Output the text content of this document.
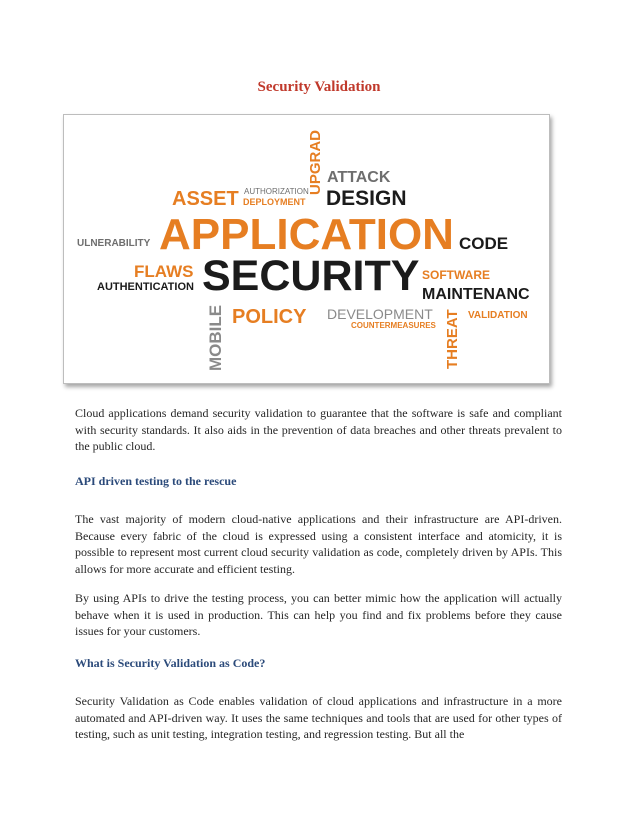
Security Validation
UPGRAD ATTACK
ASSET AUTHORIZATION
DEPLOYMENT DESIGN
ULNERABILITY APPLICATION CODE
FLAWS SECURITY SOFTWARE
AUTHENTICATION	MAINTENANC
MOBILE POLICY DEVELOPMENT
COUNTERMEASURES THREAT VALIDATION
Cloud applications demand security validation to guarantee that the software is safe and compliant with security standards. It also aids in the prevention of data breaches and other threats prevalent to the public cloud.
API driven testing to the rescue
The vast majority of modern cloud-native applications and their infrastructure are API-driven. Because every fabric of the cloud is expressed using a consistent interface and atomicity, it is possible to represent most current cloud security validation as code, completely driven by APIs. This allows for more accurate and efficient testing.
By using APIs to drive the testing process, you can better mimic how the application will actually behave when it is used in production. This can help you find and fix problems before they cause issues for your customers.
What is Security Validation as Code?
Security Validation as Code enables validation of cloud applications and infrastructure in a more automated and API-driven way. It uses the same techniques and tools that are used for other types of testing, such as unit testing, integration testing, and regression testing. But all the
